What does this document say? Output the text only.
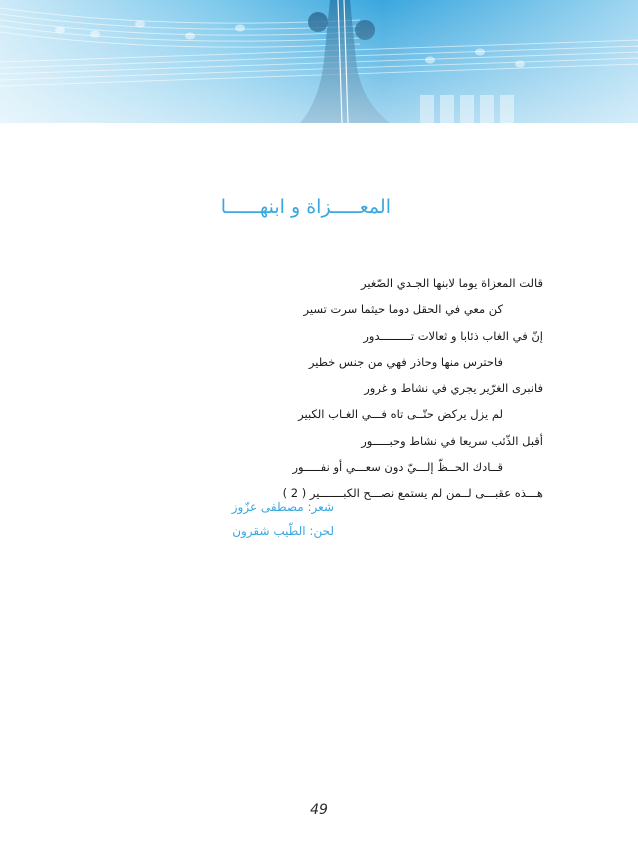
المعـــــزاة و ابنهــــــا
قالت المعزاة يوما لابنها الجـدي الصّغير
كن معي في الحقل دوما حيثما سرت تسير
إنّ في الغاب ذئابا و ثعالات تـــــــــدور
فاحترس منها وحاذر فهي من جنس خطير
فانبرى الغرّير يجري في نشاط و غرور
لم يزل يركض حتّــى تاه فـــي الغـاب الكبير
أقبل الذّئب سريعا في نشاط وحبـــــور
قــادك الحــظّ إلـــيّ دون سعـــي أو نفـــــور
هـــذه عقبـــى لــمن لم يستمع نصـــح الكبـــــــير ( 2 )
شعر: مصطفى عزّوز
لحن: الطّيب شقرون
49
